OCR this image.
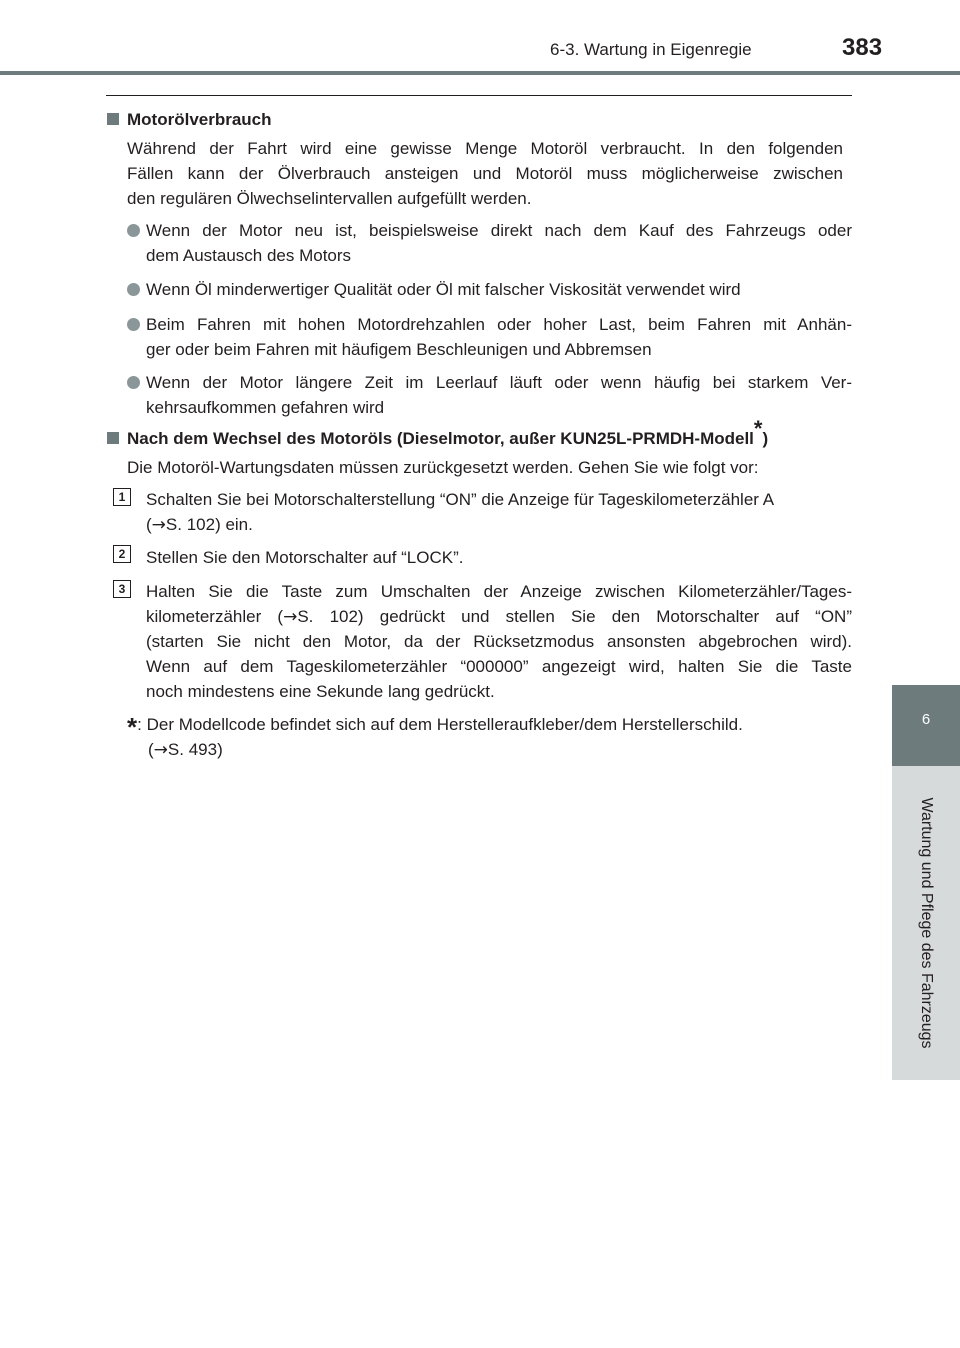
6-3. Wartung in Eigenregie	383
6
Wartung und Pflege des Fahrzeugs
Motorölverbrauch
Während der Fahrt wird eine gewisse Menge Motoröl verbraucht. In den folgenden
Fällen kann der Ölverbrauch ansteigen und Motoröl muss möglicherweise zwischen
den regulären Ölwechselintervallen aufgefüllt werden.
Wenn der Motor neu ist, beispielsweise direkt nach dem Kauf des Fahrzeugs oder
dem Austausch des Motors
Wenn Öl minderwertiger Qualität oder Öl mit falscher Viskosität verwendet wird
Beim Fahren mit hohen Motordrehzahlen oder hoher Last, beim Fahren mit Anhän-
ger oder beim Fahren mit häufigem Beschleunigen und Abbremsen
Wenn der Motor längere Zeit im Leerlauf läuft oder wenn häufig bei starkem Ver-
kehrsaufkommen gefahren wird
Nach dem Wechsel des Motoröls (Dieselmotor, außer KUN25L-PRMDH-Modell*)
Die Motoröl-Wartungsdaten müssen zurückgesetzt werden. Gehen Sie wie folgt vor:
1	Schalten Sie bei Motorschalterstellung “ON” die Anzeige für Tageskilometerzähler A
(→S. 102) ein.
2	Stellen Sie den Motorschalter auf “LOCK”.
3	Halten Sie die Taste zum Umschalten der Anzeige zwischen Kilometerzähler/Tages-
kilometerzähler (→S. 102) gedrückt und stellen Sie den Motorschalter auf “ON”
(starten Sie nicht den Motor, da der Rücksetzmodus ansonsten abgebrochen wird).
Wenn auf dem Tageskilometerzähler “000000” angezeigt wird, halten Sie die Taste
noch mindestens eine Sekunde lang gedrückt.
*: Der Modellcode befindet sich auf dem Herstelleraufkleber/dem Herstellerschild.
(→S. 493)
